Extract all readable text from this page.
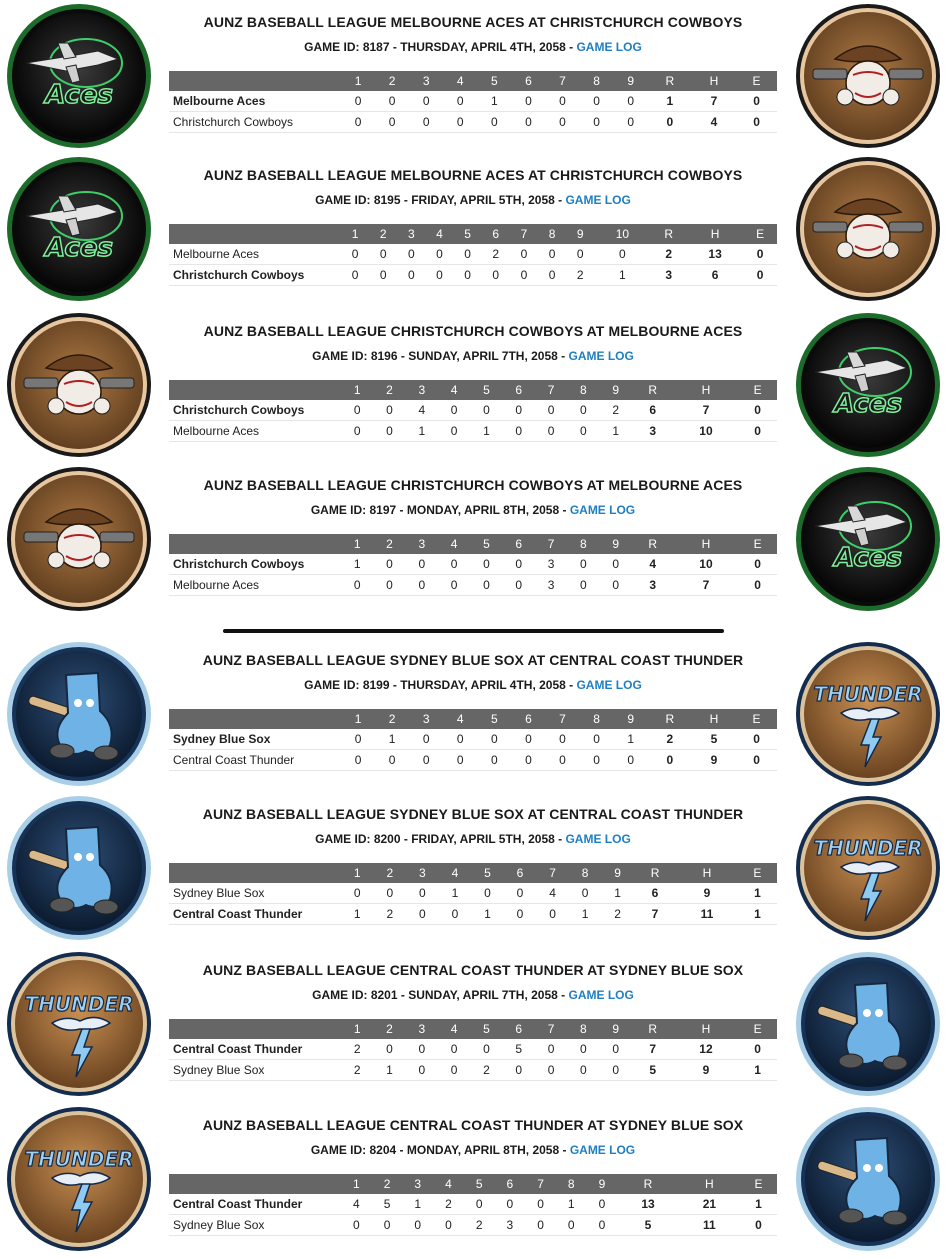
Aces
AUNZ BASEBALL LEAGUE MELBOURNE ACES AT CHRISTCHURCH COWBOYS
GAME ID: 8187 - THURSDAY, APRIL 4TH, 2058 - GAME LOG
	1	2	3	4	5	6	7	8	9	R	H	E
Melbourne Aces	0	0	0	0	1	0	0	0	0	1	7	0
Christchurch Cowboys	0	0	0	0	0	0	0	0	0	0	4	0
Aces
AUNZ BASEBALL LEAGUE MELBOURNE ACES AT CHRISTCHURCH COWBOYS
GAME ID: 8195 - FRIDAY, APRIL 5TH, 2058 - GAME LOG
	1	2	3	4	5	6	7	8	9	10	R	H	E
Melbourne Aces	0	0	0	0	0	2	0	0	0	0	2	13	0
Christchurch Cowboys	0	0	0	0	0	0	0	0	2	1	3	6	0
Aces
AUNZ BASEBALL LEAGUE CHRISTCHURCH COWBOYS AT MELBOURNE ACES
GAME ID: 8196 - SUNDAY, APRIL 7TH, 2058 - GAME LOG
	1	2	3	4	5	6	7	8	9	R	H	E
Christchurch Cowboys	0	0	4	0	0	0	0	0	2	6	7	0
Melbourne Aces	0	0	1	0	1	0	0	0	1	3	10	0
Aces
AUNZ BASEBALL LEAGUE CHRISTCHURCH COWBOYS AT MELBOURNE ACES
GAME ID: 8197 - MONDAY, APRIL 8TH, 2058 - GAME LOG
	1	2	3	4	5	6	7	8	9	R	H	E
Christchurch Cowboys	1	0	0	0	0	0	3	0	0	4	10	0
Melbourne Aces	0	0	0	0	0	0	3	0	0	3	7	0
THUNDER
AUNZ BASEBALL LEAGUE SYDNEY BLUE SOX AT CENTRAL COAST THUNDER
GAME ID: 8199 - THURSDAY, APRIL 4TH, 2058 - GAME LOG
	1	2	3	4	5	6	7	8	9	R	H	E
Sydney Blue Sox	0	1	0	0	0	0	0	0	1	2	5	0
Central Coast Thunder	0	0	0	0	0	0	0	0	0	0	9	0
THUNDER
AUNZ BASEBALL LEAGUE SYDNEY BLUE SOX AT CENTRAL COAST THUNDER
GAME ID: 8200 - FRIDAY, APRIL 5TH, 2058 - GAME LOG
	1	2	3	4	5	6	7	8	9	R	H	E
Sydney Blue Sox	0	0	0	1	0	0	4	0	1	6	9	1
Central Coast Thunder	1	2	0	0	1	0	0	1	2	7	11	1
THUNDER
AUNZ BASEBALL LEAGUE CENTRAL COAST THUNDER AT SYDNEY BLUE SOX
GAME ID: 8201 - SUNDAY, APRIL 7TH, 2058 - GAME LOG
	1	2	3	4	5	6	7	8	9	R	H	E
Central Coast Thunder	2	0	0	0	0	5	0	0	0	7	12	0
Sydney Blue Sox	2	1	0	0	2	0	0	0	0	5	9	1
THUNDER
AUNZ BASEBALL LEAGUE CENTRAL COAST THUNDER AT SYDNEY BLUE SOX
GAME ID: 8204 - MONDAY, APRIL 8TH, 2058 - GAME LOG
	1	2	3	4	5	6	7	8	9	R	H	E
Central Coast Thunder	4	5	1	2	0	0	0	1	0	13	21	1
Sydney Blue Sox	0	0	0	0	2	3	0	0	0	5	11	0
